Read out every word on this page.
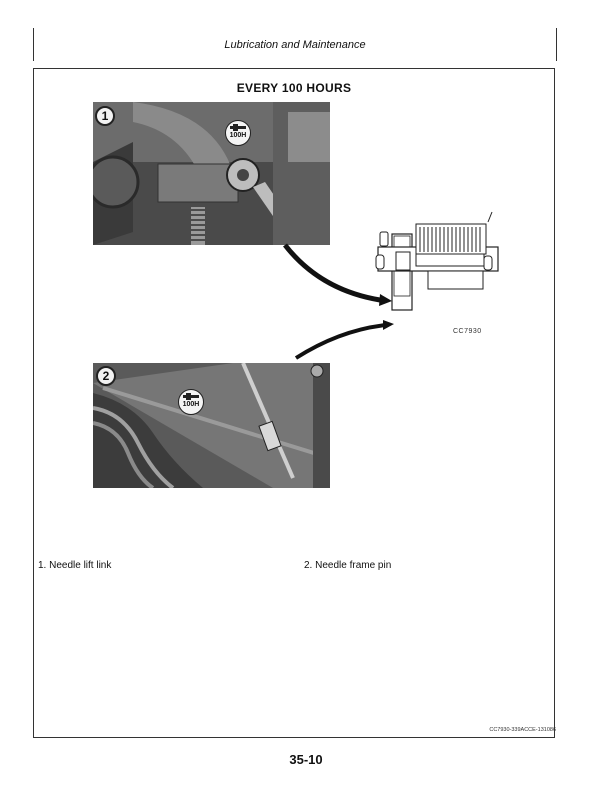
Lubrication and Maintenance
EVERY 100 HOURS
1
100H
2
100H
CC7930
1. Needle lift link	2. Needle frame pin
CC7930-339ACCE-131086
35-10
